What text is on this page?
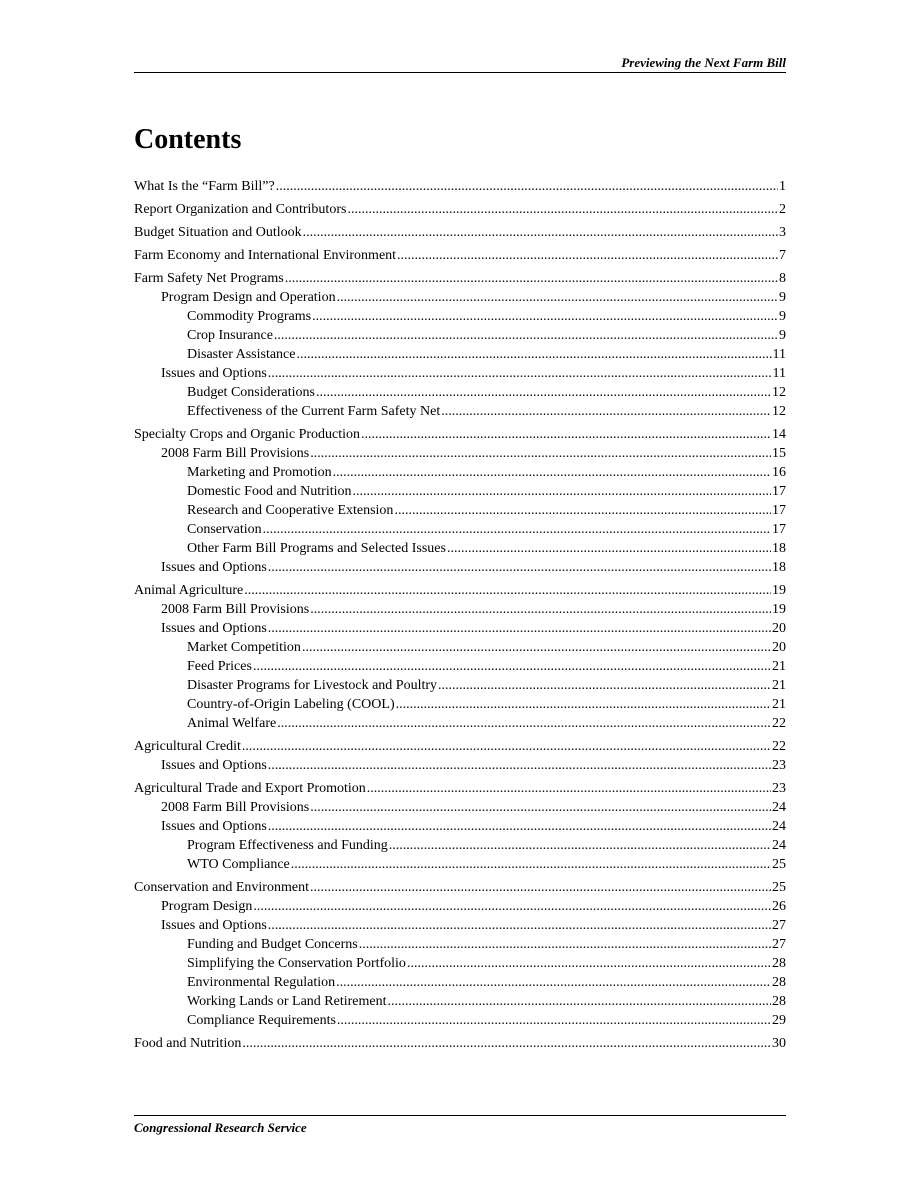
Previewing the Next Farm Bill
Contents
What Is the “Farm Bill”? .....	1
Report Organization and Contributors .....	2
Budget Situation and Outlook .....	3
Farm Economy and International Environment .....	7
Farm Safety Net Programs .....	8
Program Design and Operation .....	9
Commodity Programs .....	9
Crop Insurance .....	9
Disaster Assistance .....	11
Issues and Options .....	11
Budget Considerations .....	12
Effectiveness of the Current Farm Safety Net .....	12
Specialty Crops and Organic Production .....	14
2008 Farm Bill Provisions .....	15
Marketing and Promotion .....	16
Domestic Food and Nutrition .....	17
Research and Cooperative Extension .....	17
Conservation .....	17
Other Farm Bill Programs and Selected Issues .....	18
Issues and Options .....	18
Animal Agriculture .....	19
2008 Farm Bill Provisions .....	19
Issues and Options .....	20
Market Competition .....	20
Feed Prices .....	21
Disaster Programs for Livestock and Poultry .....	21
Country-of-Origin Labeling (COOL) .....	21
Animal Welfare .....	22
Agricultural Credit .....	22
Issues and Options .....	23
Agricultural Trade and Export Promotion .....	23
2008 Farm Bill Provisions .....	24
Issues and Options .....	24
Program Effectiveness and Funding .....	24
WTO Compliance .....	25
Conservation and Environment .....	25
Program Design .....	26
Issues and Options .....	27
Funding and Budget Concerns .....	27
Simplifying the Conservation Portfolio .....	28
Environmental Regulation .....	28
Working Lands or Land Retirement .....	28
Compliance Requirements .....	29
Food and Nutrition .....	30
Congressional Research Service
